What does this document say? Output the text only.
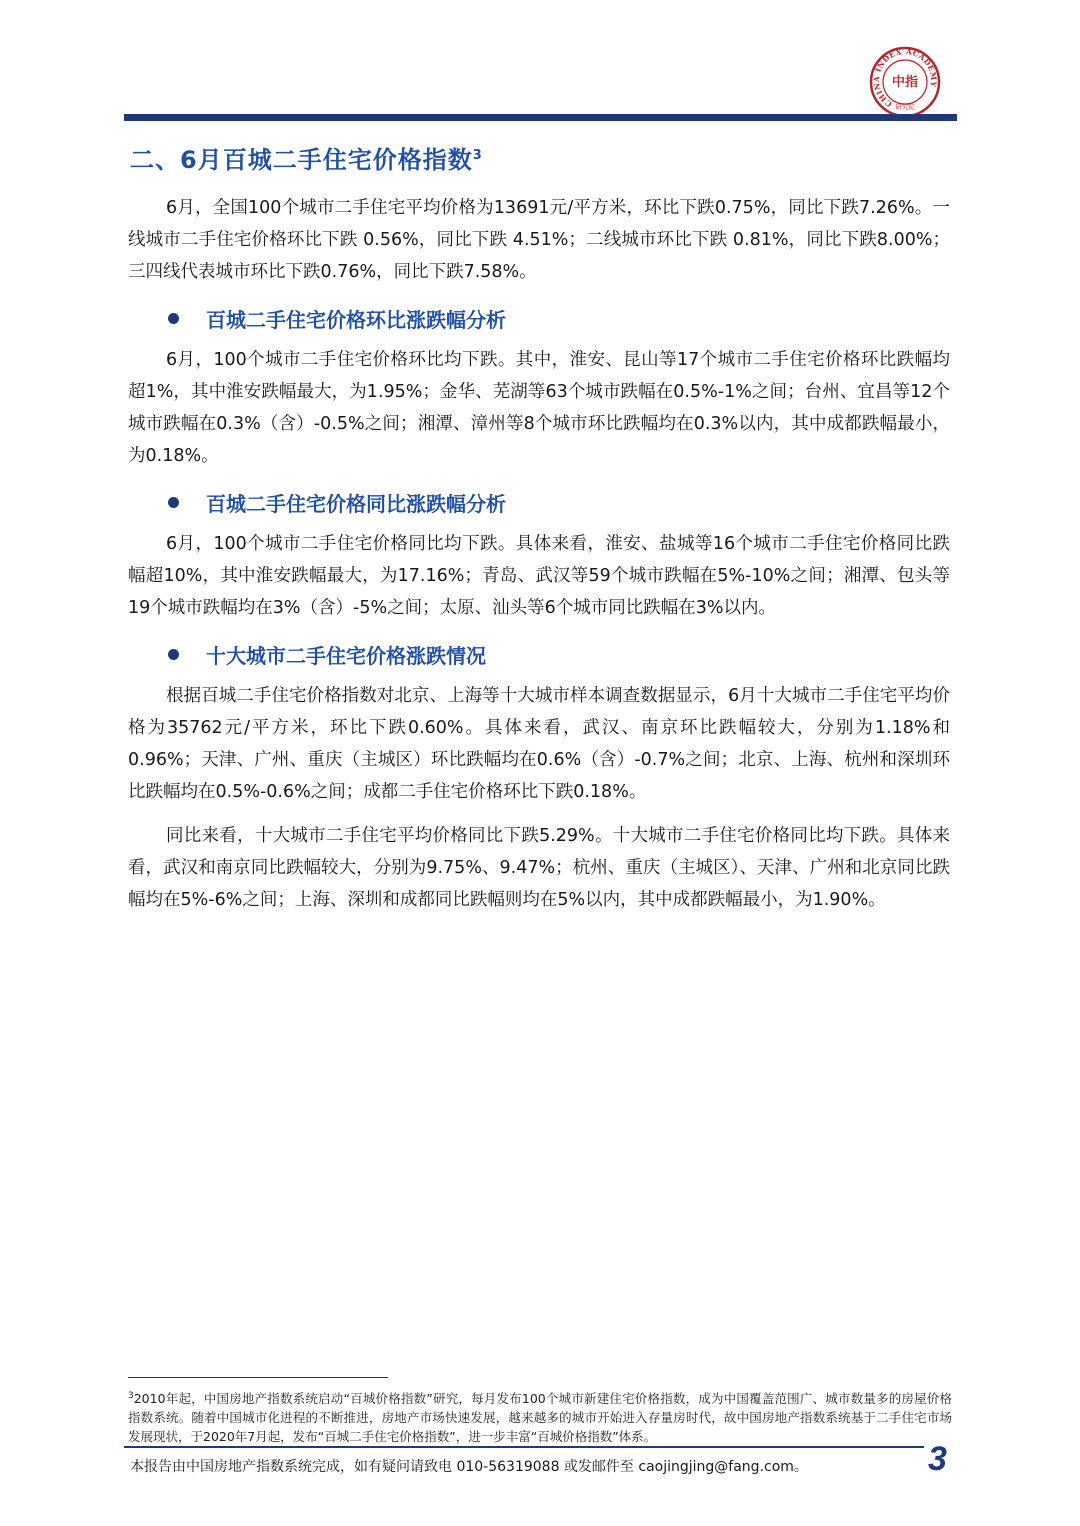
CHINA INDEX ACADEMY
中指
研究院
二、6月百城二手住宅价格指数$^3$

6月，全国100个城市二手住宅平均价格为13691元/平方米，环比下跌0.75%，同比下跌7.26%。一线城市二手住宅价格环比下跌 0.56%，同比下跌 4.51%；二线城市环比下跌 0.81%，同比下跌8.00%；三四线代表城市环比下跌0.76%，同比下跌7.58%。

百城二手住宅价格环比涨跌幅分析

6月，100个城市二手住宅价格环比均下跌。其中，淮安、昆山等17个城市二手住宅价格环比跌幅均超1%，其中淮安跌幅最大，为1.95%；金华、芜湖等63个城市跌幅在0.5%-1%之间；台州、宜昌等12个城市跌幅在0.3%（含）-0.5%之间；湘潭、漳州等8个城市环比跌幅均在0.3%以内，其中成都跌幅最小，为0.18%。

百城二手住宅价格同比涨跌幅分析

6月，100个城市二手住宅价格同比均下跌。具体来看，淮安、盐城等16个城市二手住宅价格同比跌幅超10%，其中淮安跌幅最大，为17.16%；青岛、武汉等59个城市跌幅在5%-10%之间；湘潭、包头等19个城市跌幅均在3%（含）-5%之间；太原、汕头等6个城市同比跌幅在3%以内。

十大城市二手住宅价格涨跌情况

根据百城二手住宅价格指数对北京、上海等十大城市样本调查数据显示，6月十大城市二手住宅平均价格为35762元/平方米，环比下跌0.60%。具体来看，武汉、南京环比跌幅较大，分别为1.18%和0.96%；天津、广州、重庆（主城区）环比跌幅均在0.6%（含）-0.7%之间；北京、上海、杭州和深圳环比跌幅均在0.5%-0.6%之间；成都二手住宅价格环比下跌0.18%。

同比来看，十大城市二手住宅平均价格同比下跌5.29%。十大城市二手住宅价格同比均下跌。具体来看，武汉和南京同比跌幅较大，分别为9.75%、9.47%；杭州、重庆（主城区）、天津、广州和北京同比跌幅均在5%-6%之间；上海、深圳和成都同比跌幅则均在5%以内，其中成都跌幅最小，为1.90%。

$^3$2010年起，中国房地产指数系统启动“百城价格指数”研究，每月发布100个城市新建住宅价格指数，成为中国覆盖范围广、城市数量多的房屋价格指数系统。随着中国城市化进程的不断推进，房地产市场快速发展，越来越多的城市开始进入存量房时代，故中国房地产指数系统基于二手住宅市场发展现状，于2020年7月起，发布“百城二手住宅价格指数”，进一步丰富“百城价格指数”体系。

本报告由中国房地产指数系统完成，如有疑问请致电 010-56319088 或发邮件至 caojingjing@fang.com。	3
